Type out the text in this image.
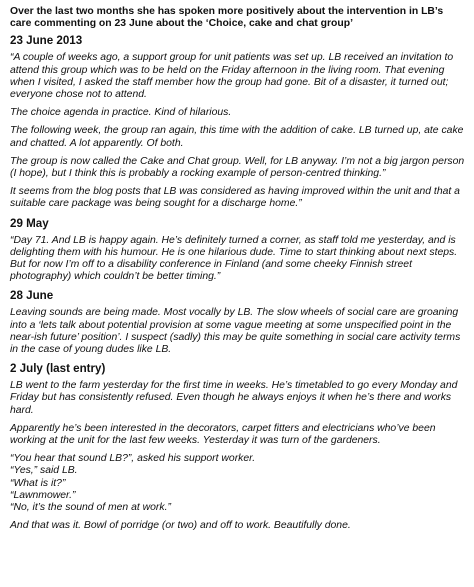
Over the last two months she has spoken more positively about the intervention in LB’s care commenting on 23 June about the ‘Choice, cake and chat group’

23 June 2013

“A couple of weeks ago, a support group for unit patients was set up. LB received an invitation to attend this group which was to be held on the Friday afternoon in the living room. That evening when I visited, I asked the staff member how the group had gone. Bit of a disaster, it turned out; everyone chose not to attend.

The choice agenda in practice. Kind of hilarious.

The following week, the group ran again, this time with the addition of cake. LB turned up, ate cake and chatted. A lot apparently. Of both.

The group is now called the Cake and Chat group. Well, for LB anyway. I’m not a big jargon person (I hope), but I think this is probably a rocking example of person-centred thinking.”

It seems from the blog posts that LB was considered as having improved within the unit and that a suitable care package was being sought for a discharge home.”

29 May

“Day 71. And LB is happy again. He’s definitely turned a corner, as staff told me yesterday, and is delighting them with his humour. He is one hilarious dude. Time to start thinking about next steps. But for now I’m off to a disability conference in Finland (and some cheeky Finnish street photography) which couldn’t be better timing.”

28 June

Leaving sounds are being made. Most vocally by LB. The slow wheels of social care are groaning into a ‘lets talk about potential provision at some vague meeting at some unspecified point in the near-ish future’ position’. I suspect (sadly) this may be quite something in social care activity terms in the case of young dudes like LB.

2 July (last entry)

LB went to the farm yesterday for the first time in weeks. He’s timetabled to go every Monday and Friday but has consistently refused. Even though he always enjoys it when he’s there and works hard.

Apparently he’s been interested in the decorators, carpet fitters and electricians who’ve been working at the unit for the last few weeks. Yesterday it was turn of the gardeners.

“You hear that sound LB?”, asked his support worker.

“Yes,” said LB.

“What is it?”

“Lawnmower.”

“No, it’s the sound of men at work.”

And that was it. Bowl of porridge (or two) and off to work. Beautifully done.
